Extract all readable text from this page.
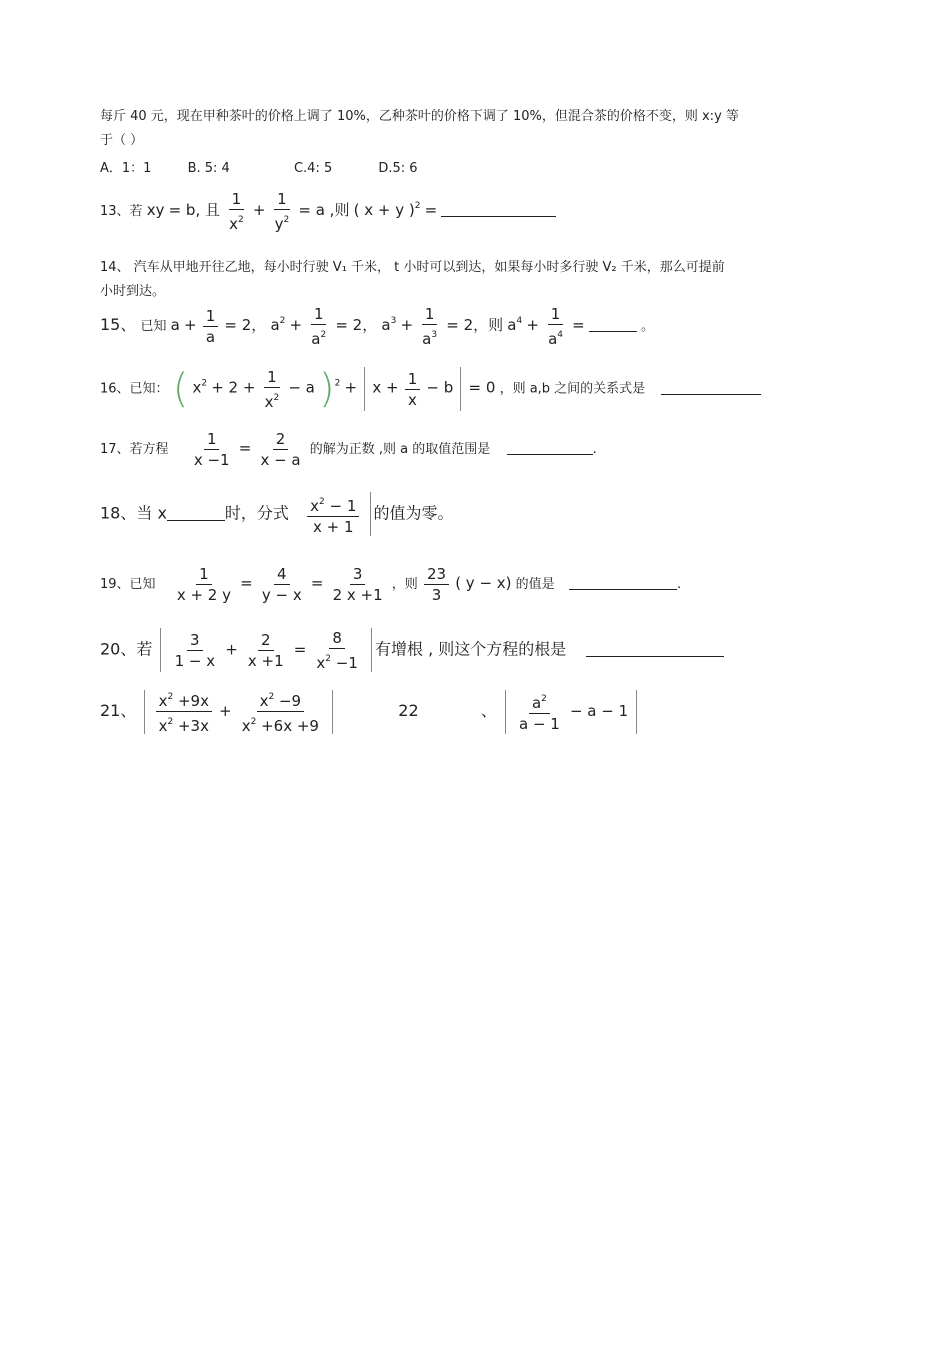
每斤 40 元，现在甲种茶叶的价格上调了 10%，乙种茶叶的价格下调了 10%，但混合茶的价格不变，则 x:y 等
于（ ）
A．1：1	B. 5: 4	C.4: 5	D.5: 6
13、若 xy = b, 且 $\frac{1}{x^2} + \frac{1}{y^2} = a$ ,则 ( x + y )$^2$ =
14、 汽车从甲地开往乙地，每小时行驶 V₁ 千米， t 小时可以到达，如果每小时多行驶 V₂ 千米，那么可提前
小时到达。
15、 已知 $a + \frac{1}{a} = 2$， $a^2 + \frac{1}{a^2} = 2$， $a^3 + \frac{1}{a^3} = 2$，则 $a^4 + \frac{1}{a^4}$ =	。
16、已知： ( $x^2 + 2 + \frac{1}{x^2} - a$ )$^2 + x + \frac{1}{x} - b = 0$ ，则 a,b 之间的关系式是
17、若方程 $\frac{1}{x -1} = \frac{2}{x - a}$ 的解为正数 ,则 a 的取值范围是	.
18、当 x	时，分式 $\frac{x^2 - 1}{x + 1}$ 的值为零。
19、已知 $\frac{1}{x + 2 y} = \frac{4}{y - x} = \frac{3}{2 x +1}$ ，则 $\frac{23}{3}$ ( y − x) 的值是	.
20、若 $\frac{3}{1 - x} + \frac{2}{x +1} = \frac{8}{x^2 -1}$ 有增根 , 则这个方程的根是
21、 $\frac{x^2 +9x}{x^2 +3x} + \frac{x^2 -9}{x^2 +6x +9}$	22	、 $\frac{a^2}{a - 1} - a - 1$
